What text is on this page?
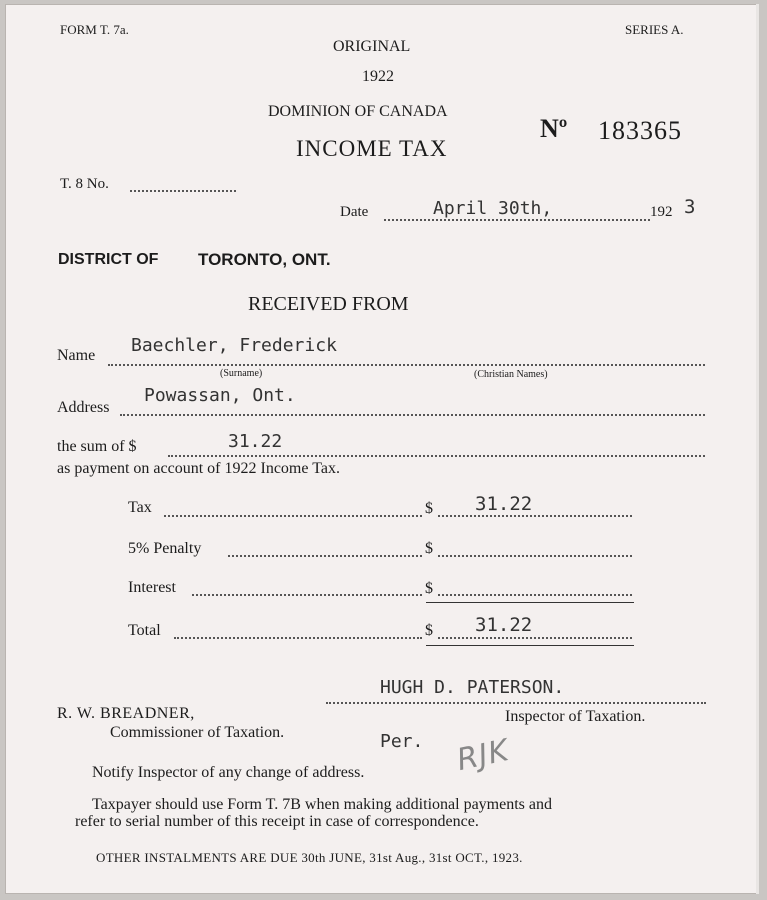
FORM T. 7a.	SERIES A.
ORIGINAL
1922
DOMINION OF CANADA
INCOME TAX
Nº 183365
T. 8 No.
Date	April 30th,	192 3
DISTRICT OF TORONTO, ONT.
RECEIVED FROM
Name Baechler, Frederick
(Surname)	(Christian Names)
Address
Powassan, Ont.
the sum of $	31.22
as payment on account of 1922 Income Tax.
Tax	$ 31.22
5% Penalty	$
Interest	$
Total	$ 31.22
HUGH D. PATERSON.
Inspector of Taxation.
R. W. BREADNER,
Commissioner of Taxation.	Per. RJK
Notify Inspector of any change of address.
Taxpayer should use Form T. 7B when making additional payments and
refer to serial number of this receipt in case of correspondence.
OTHER INSTALMENTS ARE DUE 30th JUNE, 31st Aug., 31st OCT., 1923.
